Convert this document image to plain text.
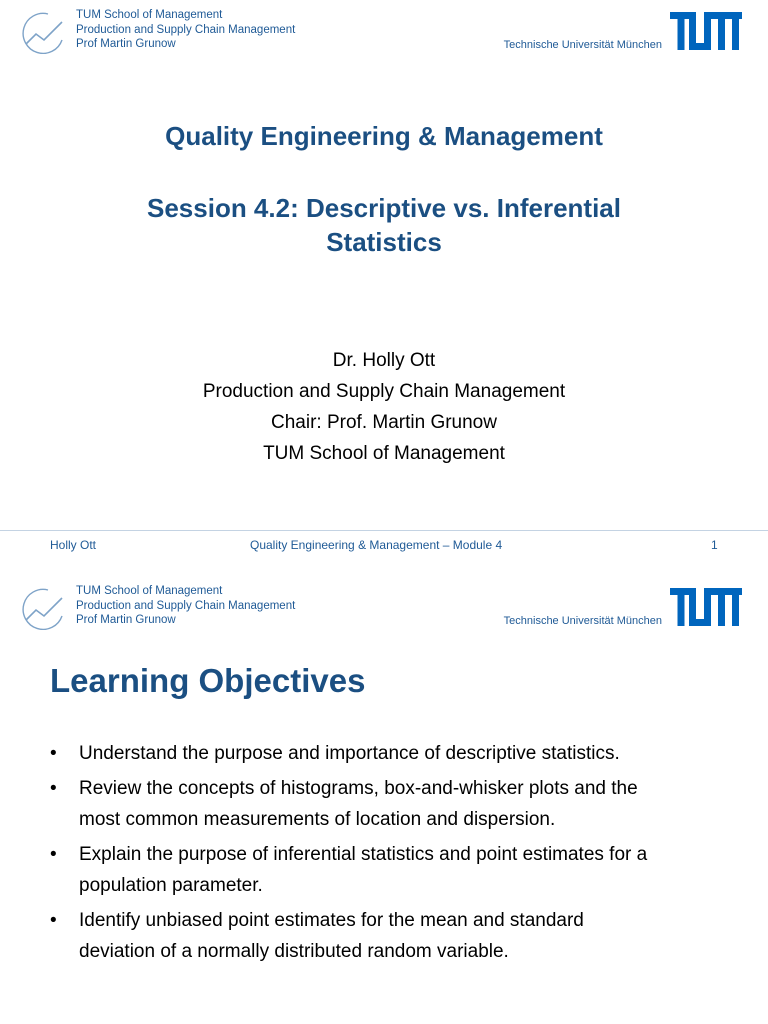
TUM School of Management
Production and Supply Chain Management
Prof Martin Grunow	Technische Universität München
Quality Engineering & Management
Session 4.2: Descriptive vs. Inferential
Statistics
Dr. Holly Ott
Production and Supply Chain Management
Chair: Prof. Martin Grunow
TUM School of Management
Holly Ott	Quality Engineering & Management – Module 4	1
TUM School of Management
Production and Supply Chain Management
Prof Martin Grunow	Technische Universität München
Learning Objectives
• Understand the purpose and importance of descriptive statistics.
• Review the concepts of histograms, box-and-whisker plots and the
most common measurements of location and dispersion.
• Explain the purpose of inferential statistics and point estimates for a
population parameter.
• Identify unbiased point estimates for the mean and standard
deviation of a normally distributed random variable.
